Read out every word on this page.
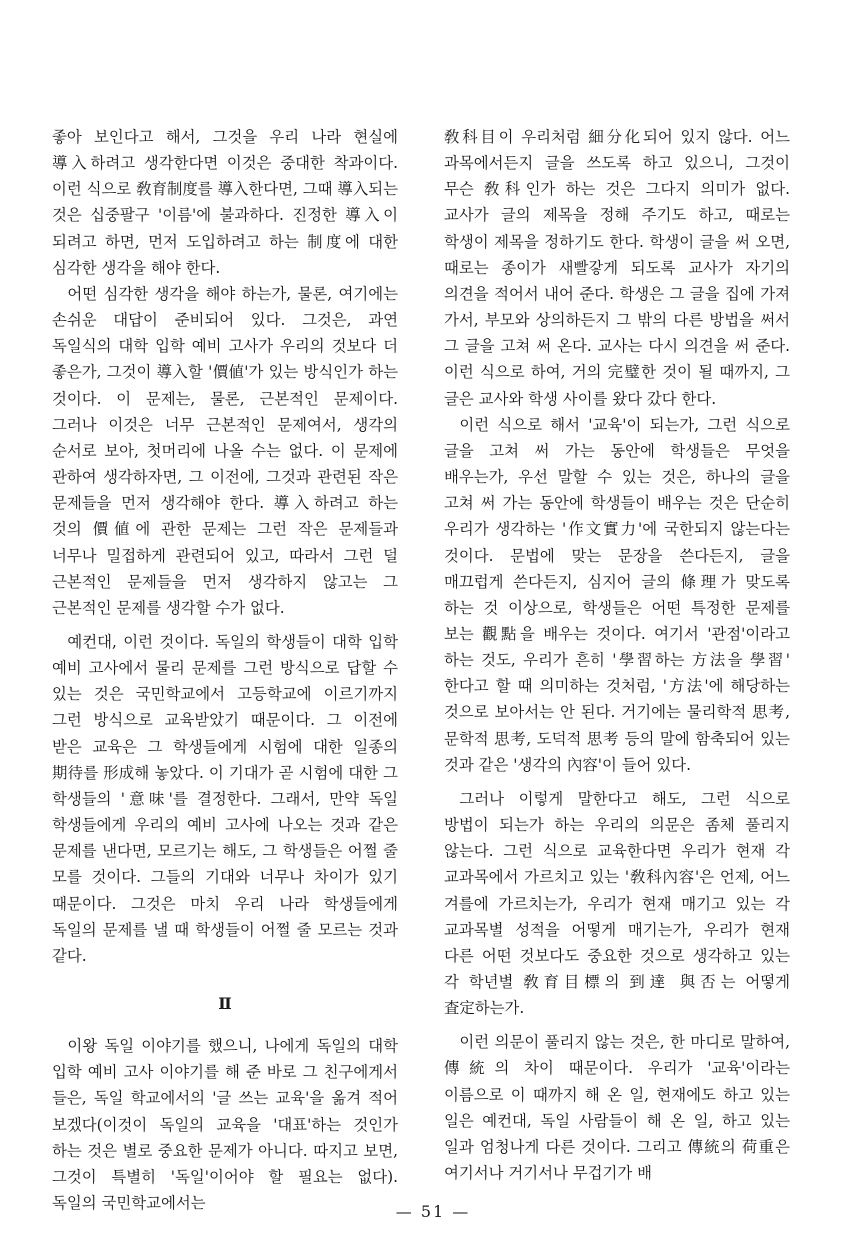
좋아 보인다고 해서, 그것을 우리 나라 현실에 導入하려고 생각한다면 이것은 중대한 착과이다. 이런 식으로 敎育制度를 導入한다면, 그때 導入되는 것은 십중팔구 '이름'에 불과하다. 진정한 導入이 되려고 하면, 먼저 도입하려고 하는 制度에 대한 심각한 생각을 해야 한다.

어떤 심각한 생각을 해야 하는가, 물론, 여기에는 손쉬운 대답이 준비되어 있다. 그것은, 과연 독일식의 대학 입학 예비 고사가 우리의 것보다 더 좋은가, 그것이 導入할 '價値'가 있는 방식인가 하는 것이다. 이 문제는, 물론, 근본적인 문제이다. 그러나 이것은 너무 근본적인 문제여서, 생각의 순서로 보아, 첫머리에 나올 수는 없다. 이 문제에 관하여 생각하자면, 그 이전에, 그것과 관련된 작은 문제들을 먼저 생각해야 한다. 導入하려고 하는 것의 價値에 관한 문제는 그런 작은 문제들과 너무나 밀접하게 관련되어 있고, 따라서 그런 덜 근본적인 문제들을 먼저 생각하지 않고는 그 근본적인 문제를 생각할 수가 없다.

예컨대, 이런 것이다. 독일의 학생들이 대학 입학 예비 고사에서 물리 문제를 그런 방식으로 답할 수 있는 것은 국민학교에서 고등학교에 이르기까지 그런 방식으로 교육받았기 때문이다. 그 이전에 받은 교육은 그 학생들에게 시험에 대한 일종의 期待를 形成해 놓았다. 이 기대가 곧 시험에 대한 그 학생들의 '意味'를 결정한다. 그래서, 만약 독일 학생들에게 우리의 예비 고사에 나오는 것과 같은 문제를 낸다면, 모르기는 해도, 그 학생들은 어쩔 줄 모를 것이다. 그들의 기대와 너무나 차이가 있기 때문이다. 그것은 마치 우리 나라 학생들에게 독일의 문제를 낼 때 학생들이 어쩔 줄 모르는 것과 같다.

Ⅱ

이왕 독일 이야기를 했으니, 나에게 독일의 대학 입학 예비 고사 이야기를 해 준 바로 그 친구에게서 들은, 독일 학교에서의 '글 쓰는 교육'을 옮겨 적어 보겠다(이것이 독일의 교육을 '대표'하는 것인가 하는 것은 별로 중요한 문제가 아니다. 따지고 보면, 그것이 특별히 '독일'이어야 할 필요는 없다). 독일의 국민학교에서는

敎科目이 우리처럼 細分化되어 있지 않다. 어느 과목에서든지 글을 쓰도록 하고 있으니, 그것이 무슨 敎科인가 하는 것은 그다지 의미가 없다. 교사가 글의 제목을 정해 주기도 하고, 때로는 학생이 제목을 정하기도 한다. 학생이 글을 써 오면, 때로는 종이가 새빨갛게 되도록 교사가 자기의 의견을 적어서 내어 준다. 학생은 그 글을 집에 가져 가서, 부모와 상의하든지 그 밖의 다른 방법을 써서 그 글을 고쳐 써 온다. 교사는 다시 의견을 써 준다. 이런 식으로 하여, 거의 完璧한 것이 될 때까지, 그 글은 교사와 학생 사이를 왔다 갔다 한다.

이런 식으로 해서 '교육'이 되는가, 그런 식으로 글을 고쳐 써 가는 동안에 학생들은 무엇을 배우는가, 우선 말할 수 있는 것은, 하나의 글을 고쳐 써 가는 동안에 학생들이 배우는 것은 단순히 우리가 생각하는 '作文實力'에 국한되지 않는다는 것이다. 문법에 맞는 문장을 쓴다든지, 글을 매끄럽게 쓴다든지, 심지어 글의 條理가 맞도록 하는 것 이상으로, 학생들은 어떤 특정한 문제를 보는 觀點을 배우는 것이다. 여기서 '관점'이라고 하는 것도, 우리가 흔히 '學習하는 方法을 學習' 한다고 할 때 의미하는 것처럼, '方法'에 해당하는 것으로 보아서는 안 된다. 거기에는 물리학적 思考, 문학적 思考, 도덕적 思考 등의 말에 함축되어 있는 것과 같은 '생각의 內容'이 들어 있다.

그러나 이렇게 말한다고 해도, 그런 식으로 방법이 되는가 하는 우리의 의문은 좀체 풀리지 않는다. 그런 식으로 교육한다면 우리가 현재 각 교과목에서 가르치고 있는 '敎科內容'은 언제, 어느 겨를에 가르치는가, 우리가 현재 매기고 있는 각 교과목별 성적을 어떻게 매기는가, 우리가 현재 다른 어떤 것보다도 중요한 것으로 생각하고 있는 각 학년별 敎育目標의 到達 與否는 어떻게 査定하는가.

이런 의문이 풀리지 않는 것은, 한 마디로 말하여, 傳統의 차이 때문이다. 우리가 '교육'이라는 이름으로 이 때까지 해 온 일, 현재에도 하고 있는 일은 예컨대, 독일 사람들이 해 온 일, 하고 있는 일과 엄청나게 다른 것이다. 그리고 傳統의 荷重은 여기서나 거기서나 무겁기가 배

— 51 —
